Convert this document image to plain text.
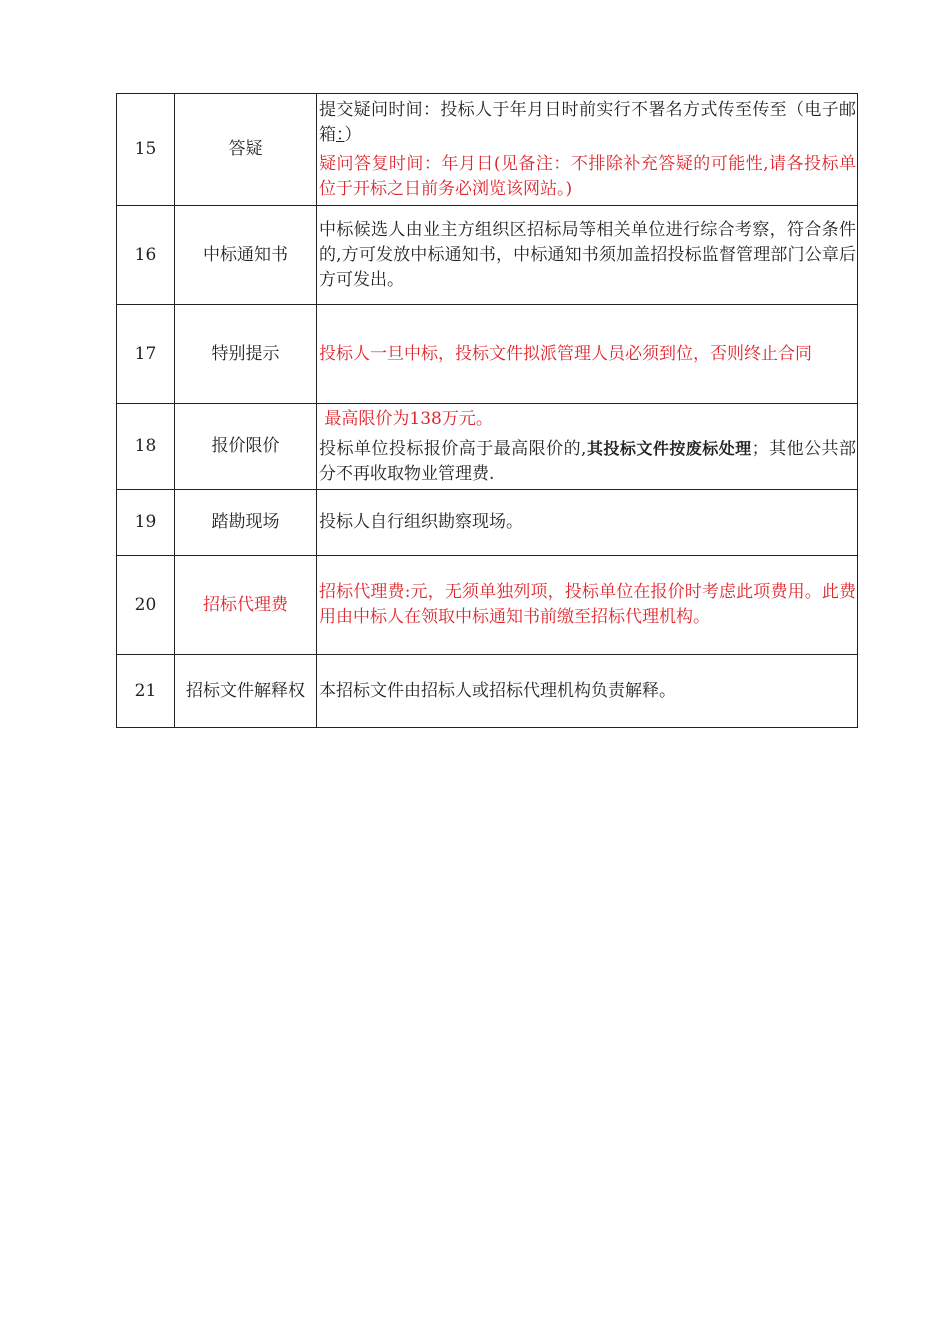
15	答疑	提交疑问时间：投标人于年月日时前实行不署名方式传至传至（电子邮箱：）

疑问答复时间：年月日(见备注：不排除补充答疑的可能性,请各投标单位于开标之日前务必浏览该网站。)

16	中标通知书	中标候选人由业主方组织区招标局等相关单位进行综合考察，符合条件的,方可发放中标通知书，中标通知书须加盖招投标监督管理部门公章后方可发出。
17	特别提示	投标人一旦中标，投标文件拟派管理人员必须到位，否则终止合同
18	报价限价	最高限价为138万元。

投标单位投标报价高于最高限价的,其投标文件按废标处理；其他公共部分不再收取物业管理费.

19	踏勘现场	投标人自行组织勘察现场。
20	招标代理费	招标代理费:元，无须单独列项，投标单位在报价时考虑此项费用。此费用由中标人在领取中标通知书前缴至招标代理机构。
21	招标文件解释权	本招标文件由招标人或招标代理机构负责解释。
